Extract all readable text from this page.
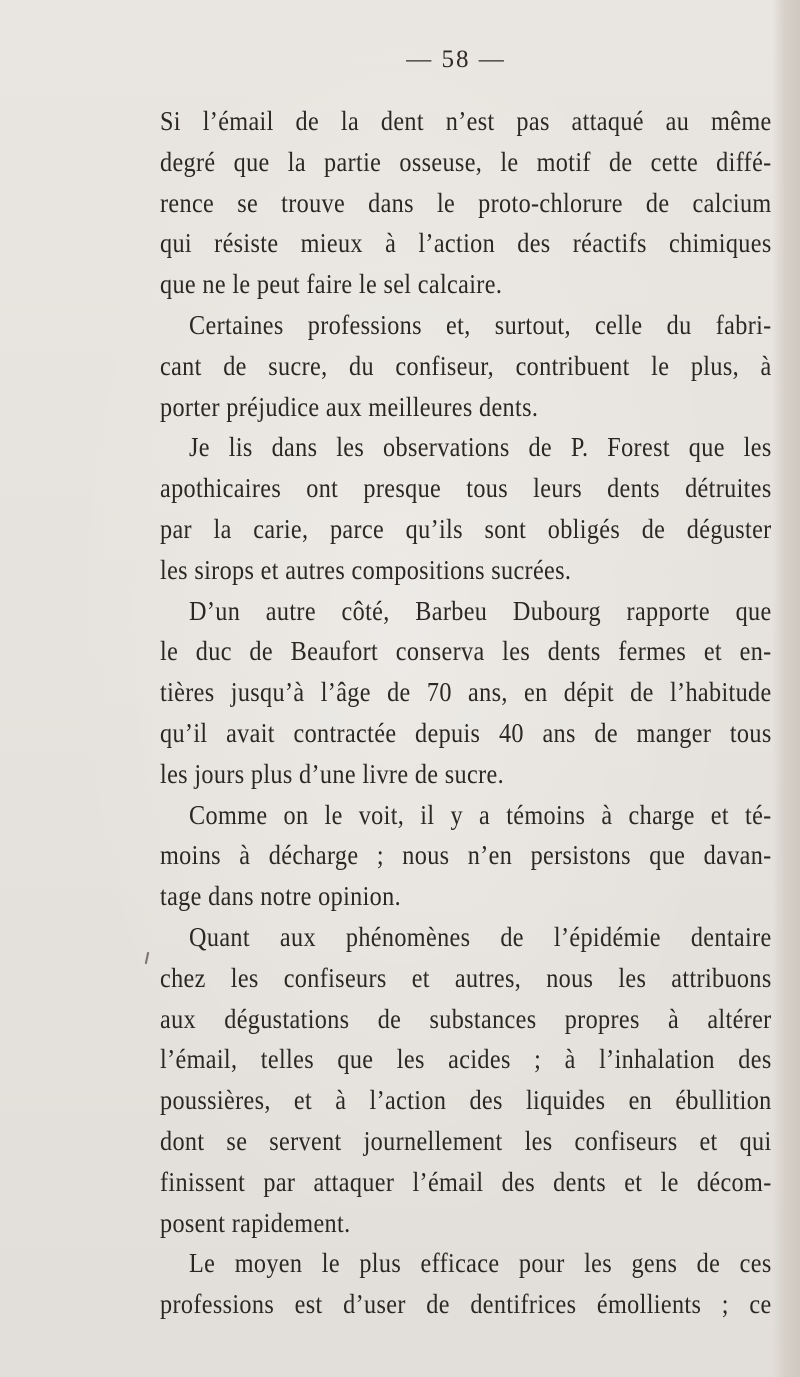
— 58 —
Si l’émail de la dent n’est pas attaqué au même
degré que la partie osseuse, le motif de cette diffé-
rence se trouve dans le proto-chlorure de calcium
qui résiste mieux à l’action des réactifs chimiques
que ne le peut faire le sel calcaire.
Certaines professions et, surtout, celle du fabri-
cant de sucre, du confiseur, contribuent le plus, à
porter préjudice aux meilleures dents.
Je lis dans les observations de P. Forest que les
apothicaires ont presque tous leurs dents détruites
par la carie, parce qu’ils sont obligés de déguster
les sirops et autres compositions sucrées.
D’un autre côté, Barbeu Dubourg rapporte que
le duc de Beaufort conserva les dents fermes et en-
tières jusqu’à l’âge de 70 ans, en dépit de l’habitude
qu’il avait contractée depuis 40 ans de manger tous
les jours plus d’une livre de sucre.
Comme on le voit, il y a témoins à charge et té-
moins à décharge ; nous n’en persistons que davan-
tage dans notre opinion.
Quant aux phénomènes de l’épidémie dentaire
chez les confiseurs et autres, nous les attribuons
aux dégustations de substances propres à altérer
l’émail, telles que les acides ; à l’inhalation des
poussières, et à l’action des liquides en ébullition
dont se servent journellement les confiseurs et qui
finissent par attaquer l’émail des dents et le décom-
posent rapidement.
Le moyen le plus efficace pour les gens de ces
professions est d’user de dentifrices émollients ; ce
